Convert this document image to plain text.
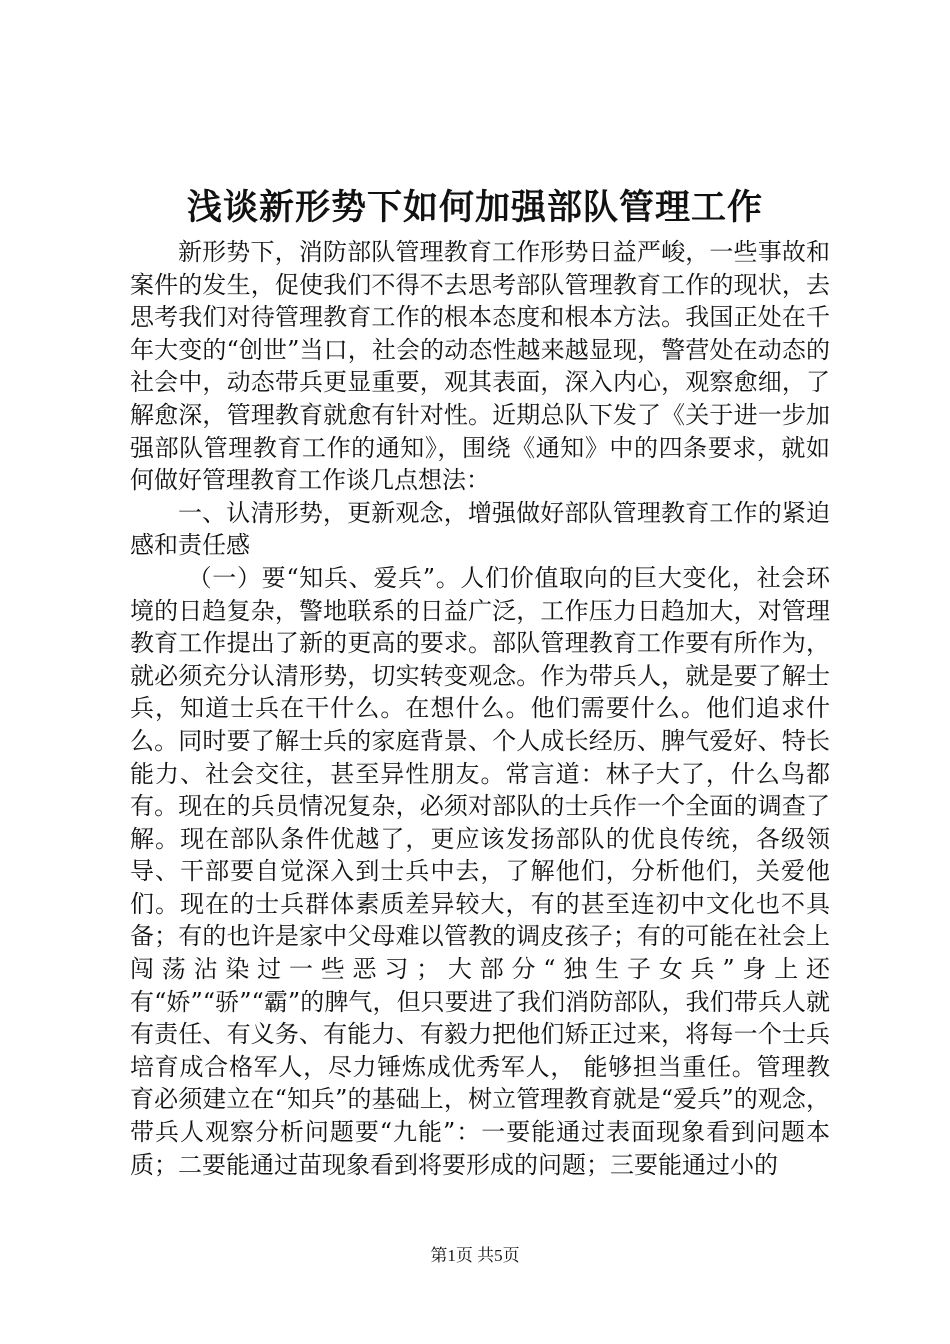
浅谈新形势下如何加强部队管理工作

新形势下，消防部队管理教育工作形势日益严峻，一些事故和案件的发生，促使我们不得不去思考部队管理教育工作的现状，去思考我们对待管理教育工作的根本态度和根本方法。我国正处在千年大变的“创世”当口，社会的动态性越来越显现，警营处在动态的社会中，动态带兵更显重要，观其表面，深入内心，观察愈细，了解愈深，管理教育就愈有针对性。近期总队下发了《关于进一步加强部队管理教育工作的通知》，围绕《通知》中的四条要求，就如何做好管理教育工作谈几点想法：

一、认清形势，更新观念，增强做好部队管理教育工作的紧迫感和责任感

（一）要“知兵、爱兵”。人们价值取向的巨大变化，社会环境的日趋复杂，警地联系的日益广泛，工作压力日趋加大，对管理教育工作提出了新的更高的要求。部队管理教育工作要有所作为，就必须充分认清形势，切实转变观念。作为带兵人，就是要了解士兵，知道士兵在干什么。在想什么。他们需要什么。他们追求什么。同时要了解士兵的家庭背景、个人成长经历、脾气爱好、特长能力、社会交往，甚至异性朋友。常言道：林子大了，什么鸟都有。现在的兵员情况复杂，必须对部队的士兵作一个全面的调查了解。现在部队条件优越了，更应该发扬部队的优良传统，各级领导、干部要自觉深入到士兵中去，了解他们，分析他们，关爱他们。现在的士兵群体素质差异较大，有的甚至连初中文化也不具备；有的也许是家中父母难以管教的调皮孩子；有的可能在社会上闯荡沾染过一些恶习；大部分“独生子女兵”身上还有“娇”“骄”“霸”的脾气，但只要进了我们消防部队，我们带兵人就有责任、有义务、有能力、有毅力把他们矫正过来，将每一个士兵培育成合格军人，尽力锤炼成优秀军人， 能够担当重任。管理教育必须建立在“知兵”的基础上，树立管理教育就是“爱兵”的观念，带兵人观察分析问题要“九能”：一要能通过表面现象看到问题本质；二要能通过苗现象看到将要形成的问题；三要能通过小的

第1页 共5页
